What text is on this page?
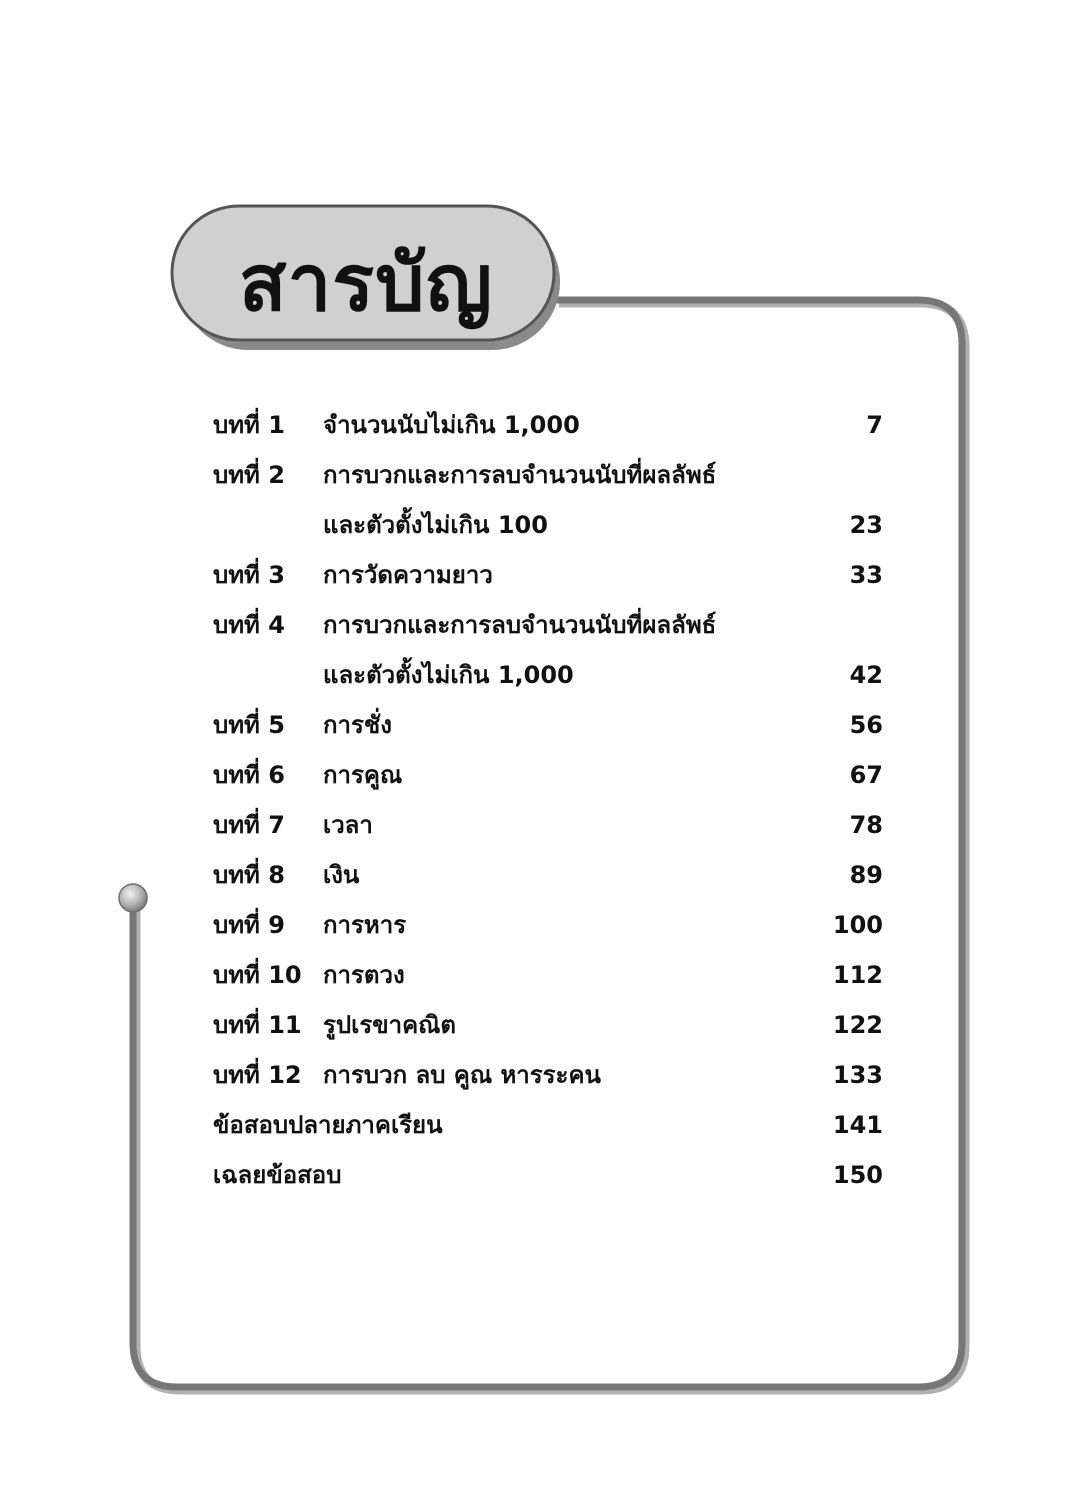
สารบัญ
บทที่ 1 จำนวนนับไม่เกิน 1,000	7
บทที่ 2 การบวกและการลบจำนวนนับที่ผลลัพธ์
และตัวตั้งไม่เกิน 100	23
บทที่ 3 การวัดความยาว	33
บทที่ 4 การบวกและการลบจำนวนนับที่ผลลัพธ์
และตัวตั้งไม่เกิน 1,000	42
บทที่ 5 การชั่ง	56
บทที่ 6 การคูณ	67
บทที่ 7 เวลา	78
บทที่ 8 เงิน	89
บทที่ 9 การหาร	100
บทที่ 10 การตวง	112
บทที่ 11 รูปเรขาคณิต	122
บทที่ 12 การบวก ลบ คูณ หารระคน	133
ข้อสอบปลายภาคเรียน	141
เฉลยข้อสอบ	150
